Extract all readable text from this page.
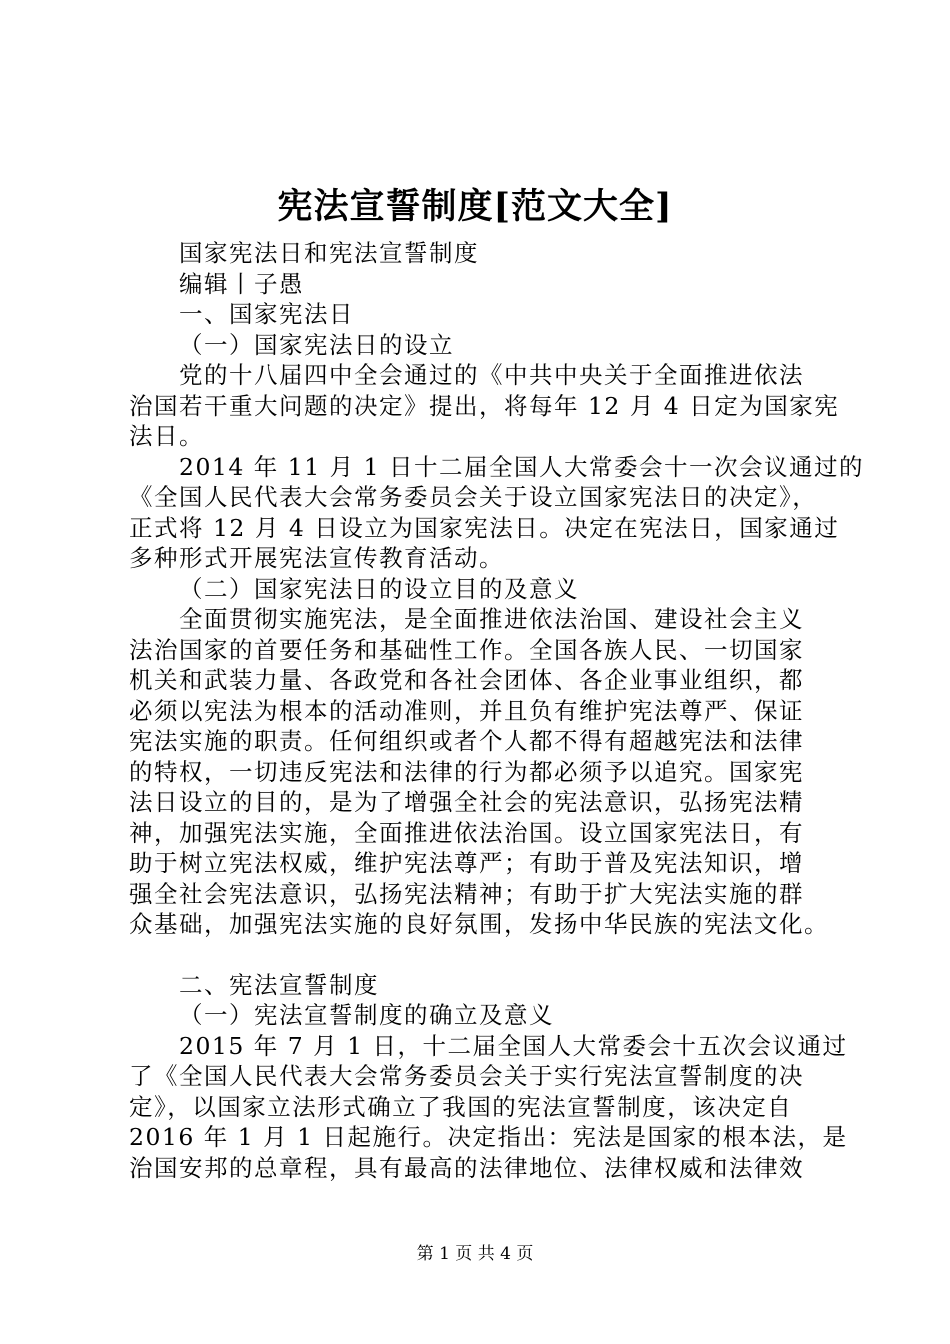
宪法宣誓制度[范文大全]
国家宪法日和宪法宣誓制度
编辑丨子愚
一、国家宪法日
（一）国家宪法日的设立
党的十八届四中全会通过的《中共中央关于全面推进依法
治国若干重大问题的决定》提出，将每年 12 月 4 日定为国家宪
法日。
2014 年 11 月 1 日十二届全国人大常委会十一次会议通过的
《全国人民代表大会常务委员会关于设立国家宪法日的决定》，
正式将 12 月 4 日设立为国家宪法日。决定在宪法日，国家通过
多种形式开展宪法宣传教育活动。
（二）国家宪法日的设立目的及意义
全面贯彻实施宪法，是全面推进依法治国、建设社会主义
法治国家的首要任务和基础性工作。全国各族人民、一切国家
机关和武装力量、各政党和各社会团体、各企业事业组织，都
必须以宪法为根本的活动准则，并且负有维护宪法尊严、保证
宪法实施的职责。任何组织或者个人都不得有超越宪法和法律
的特权，一切违反宪法和法律的行为都必须予以追究。国家宪
法日设立的目的，是为了增强全社会的宪法意识，弘扬宪法精
神，加强宪法实施，全面推进依法治国。设立国家宪法日，有
助于树立宪法权威，维护宪法尊严；有助于普及宪法知识，增
强全社会宪法意识，弘扬宪法精神；有助于扩大宪法实施的群
众基础，加强宪法实施的良好氛围，发扬中华民族的宪法文化。
二、宪法宣誓制度
（一）宪法宣誓制度的确立及意义
2015 年 7 月 1 日，十二届全国人大常委会十五次会议通过
了《全国人民代表大会常务委员会关于实行宪法宣誓制度的决
定》，以国家立法形式确立了我国的宪法宣誓制度，该决定自
2016 年 1 月 1 日起施行。决定指出：宪法是国家的根本法，是
治国安邦的总章程，具有最高的法律地位、法律权威和法律效
第 1 页 共 4 页
